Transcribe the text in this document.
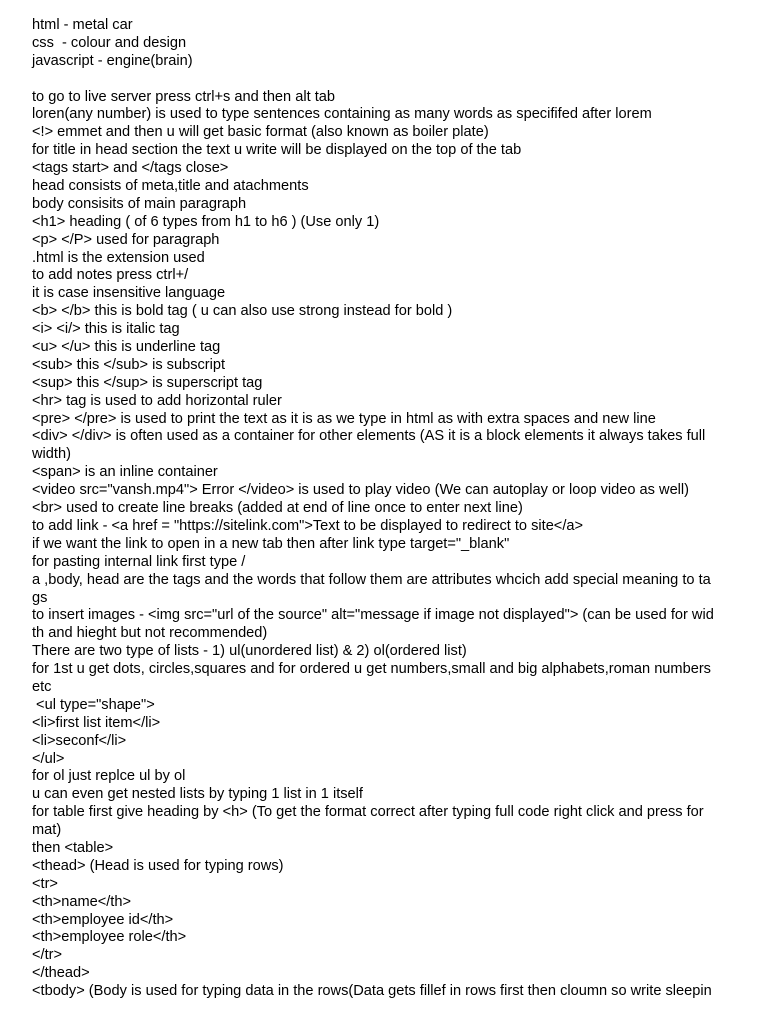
html - metal car
css  - colour and design
javascript - engine(brain)
to go to live server press ctrl+s and then alt tab
loren(any number) is used to type sentences containing as many words as specififed after lorem
<!> emmet and then u will get basic format (also known as boiler plate)
for title in head section the text u write will be displayed on the top of the tab
<tags start> and </tags close>
head consists of meta,title and atachments
body consisits of main paragraph
<h1> heading ( of 6 types from h1 to h6 ) (Use only 1)
<p> </P> used for paragraph
.html is the extension used
to add notes press ctrl+/
it is case insensitive language
<b> </b> this is bold tag ( u can also use strong instead for bold )
<i> <i/> this is italic tag
<u> </u> this is underline tag
<sub> this </sub> is subscript
<sup> this </sup> is superscript tag
<hr> tag is used to add horizontal ruler
<pre> </pre> is used to print the text as it is as we type in html as with extra spaces and new line
<div> </div> is often used as a container for other elements (AS it is a block elements it always takes full
width)
<span> is an inline container
<video src="vansh.mp4"> Error </video> is used to play video (We can autoplay or loop video as well)
<br> used to create line breaks (added at end of line once to enter next line)
to add link - <a href = "https://sitelink.com">Text to be displayed to redirect to site</a>
if we want the link to open in a new tab then after link type target="_blank"
for pasting internal link first type /
a ,body, head are the tags and the words that follow them are attributes whcich add special meaning to ta
gs
to insert images - <img src="url of the source" alt="message if image not displayed"> (can be used for wid
th and hieght but not recommended)
There are two type of lists - 1) ul(unordered list) & 2) ol(ordered list)
for 1st u get dots, circles,squares and for ordered u get numbers,small and big alphabets,roman numbers
etc
<ul type="shape">
<li>first list item</li>
<li>seconf</li>
</ul>
for ol just replce ul by ol
u can even get nested lists by typing 1 list in 1 itself
for table first give heading by <h> (To get the format correct after typing full code right click and press for
mat)
then <table>
<thead> (Head is used for typing rows)
<tr>
<th>name</th>
<th>employee id</th>
<th>employee role</th>
</tr>
</thead>
<tbody> (Body is used for typing data in the rows(Data gets fillef in rows first then cloumn so write sleepin
